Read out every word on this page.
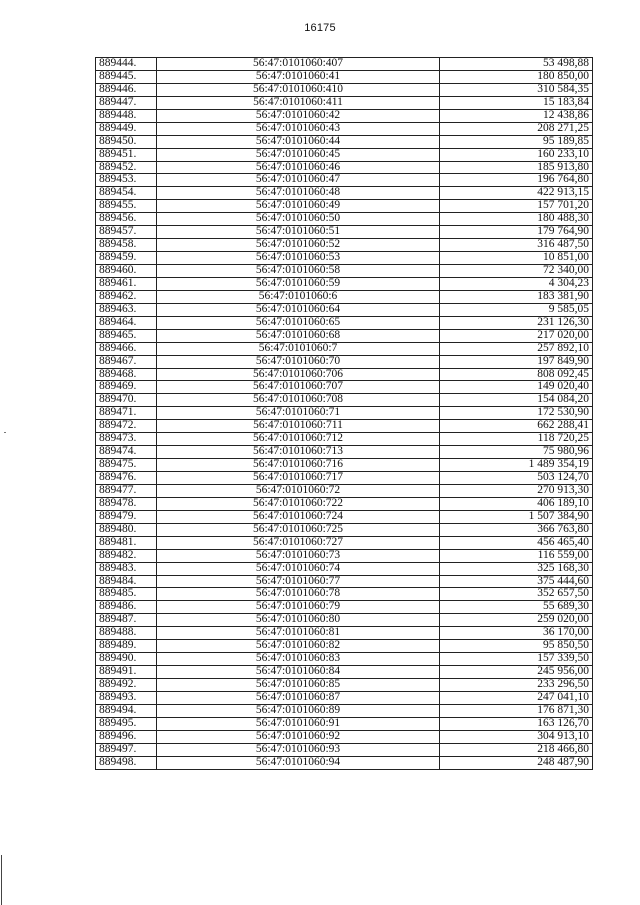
16175
889444.	56:47:0101060:407	53 498,88
889445.	56:47:0101060:41	180 850,00
889446.	56:47:0101060:410	310 584,35
889447.	56:47:0101060:411	15 183,84
889448.	56:47:0101060:42	12 438,86
889449.	56:47:0101060:43	208 271,25
889450.	56:47:0101060:44	95 189,85
889451.	56:47:0101060:45	160 233,10
889452.	56:47:0101060:46	185 913,80
889453.	56:47:0101060:47	196 764,80
889454.	56:47:0101060:48	422 913,15
889455.	56:47:0101060:49	157 701,20
889456.	56:47:0101060:50	180 488,30
889457.	56:47:0101060:51	179 764,90
889458.	56:47:0101060:52	316 487,50
889459.	56:47:0101060:53	10 851,00
889460.	56:47:0101060:58	72 340,00
889461.	56:47:0101060:59	4 304,23
889462.	56:47:0101060:6	183 381,90
889463.	56:47:0101060:64	9 585,05
889464.	56:47:0101060:65	231 126,30
889465.	56:47:0101060:68	217 020,00
889466.	56:47:0101060:7	257 892,10
889467.	56:47:0101060:70	197 849,90
889468.	56:47:0101060:706	808 092,45
889469.	56:47:0101060:707	149 020,40
889470.	56:47:0101060:708	154 084,20
889471.	56:47:0101060:71	172 530,90
889472.	56:47:0101060:711	662 288,41
889473.	56:47:0101060:712	118 720,25
889474.	56:47:0101060:713	75 980,96
889475.	56:47:0101060:716	1 489 354,19
889476.	56:47:0101060:717	503 124,70
889477.	56:47:0101060:72	270 913,30
889478.	56:47:0101060:722	406 189,10
889479.	56:47:0101060:724	1 507 384,90
889480.	56:47:0101060:725	366 763,80
889481.	56:47:0101060:727	456 465,40
889482.	56:47:0101060:73	116 559,00
889483.	56:47:0101060:74	325 168,30
889484.	56:47:0101060:77	375 444,60
889485.	56:47:0101060:78	352 657,50
889486.	56:47:0101060:79	55 689,30
889487.	56:47:0101060:80	259 020,00
889488.	56:47:0101060:81	36 170,00
889489.	56:47:0101060:82	95 850,50
889490.	56:47:0101060:83	157 339,50
889491.	56:47:0101060:84	245 956,00
889492.	56:47:0101060:85	233 296,50
889493.	56:47:0101060:87	247 041,10
889494.	56:47:0101060:89	176 871,30
889495.	56:47:0101060:91	163 126,70
889496.	56:47:0101060:92	304 913,10
889497.	56:47:0101060:93	218 466,80
889498.	56:47:0101060:94	248 487,90
